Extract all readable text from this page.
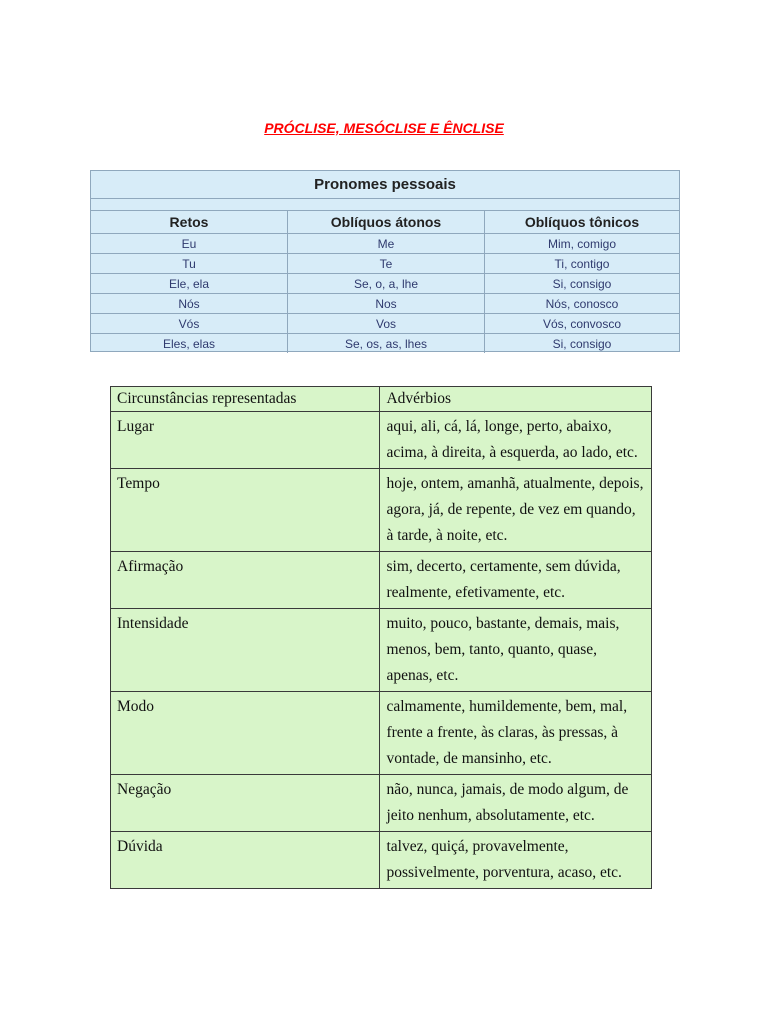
PRÓCLISE, MESÓCLISE E ÊNCLISE
Pronomes pessoais
Retos	Oblíquos átonos	Oblíquos tônicos
Eu	Me	Mim, comigo
Tu	Te	Ti, contigo
Ele, ela	Se, o, a, lhe	Si, consigo
Nós	Nos	Nós, conosco
Vós	Vos	Vós, convosco
Eles, elas	Se, os, as, lhes	Si, consigo
Circunstâncias representadas	Advérbios
Lugar	aqui, ali, cá, lá, longe, perto, abaixo, acima, à direita, à esquerda, ao lado, etc.
Tempo	hoje, ontem, amanhã, atualmente, depois, agora, já, de repente, de vez em quando, à tarde, à noite, etc.
Afirmação	sim, decerto, certamente, sem dúvida, realmente, efetivamente, etc.
Intensidade	muito, pouco, bastante, demais, mais, menos, bem, tanto, quanto, quase, apenas, etc.
Modo	calmamente, humildemente, bem, mal, frente a frente, às claras, às pressas, à vontade, de mansinho, etc.
Negação	não, nunca, jamais, de modo algum, de jeito nenhum, absolutamente, etc.
Dúvida	talvez, quiçá, provavelmente, possivelmente, porventura, acaso, etc.
